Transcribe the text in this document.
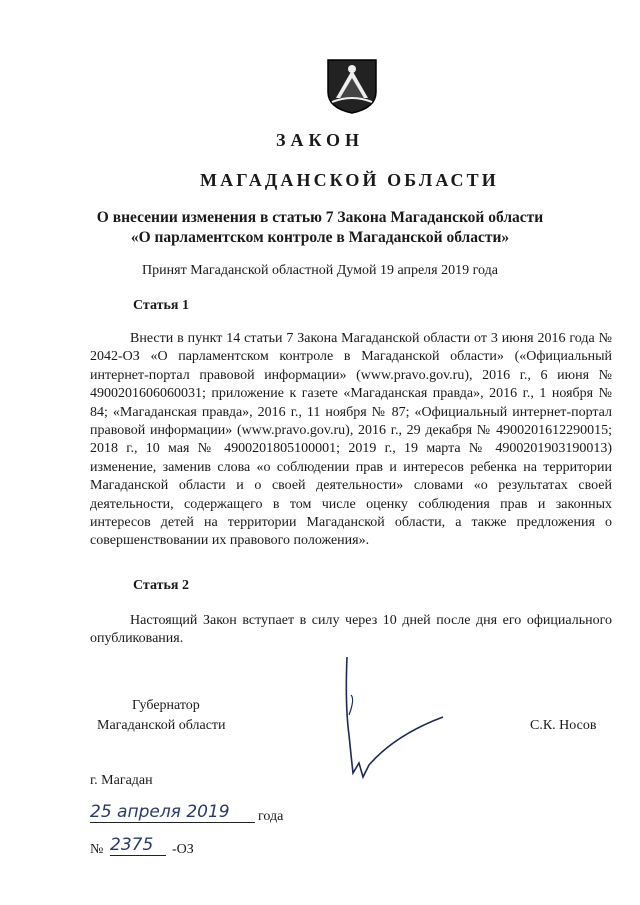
ЗАКОН
МАГАДАНСКОЙ ОБЛАСТИ
О внесении изменения в статью 7 Закона Магаданской области
«О парламентском контроле в Магаданской области»
Принят Магаданской областной Думой 19 апреля 2019 года
Статья 1
Внести в пункт 14 статьи 7 Закона Магаданской области от 3 июня 2016 года № 2042-ОЗ «О парламентском контроле в Магаданской области» («Официальный интернет-портал правовой информации» (www.pravo.gov.ru), 2016 г., 6 июня № 4900201606060031; приложение к газете «Магаданская правда», 2016 г., 1 ноября № 84; «Магаданская правда», 2016 г., 11 ноября № 87; «Официальный интернет-портал правовой информации» (www.pravo.gov.ru), 2016 г., 29 декабря № 4900201612290015; 2018 г., 10 мая № 4900201805100001; 2019 г., 19 марта № 4900201903190013) изменение, заменив слова «о соблюдении прав и интересов ребенка на территории Магаданской области и о своей деятельности» словами «о результатах своей деятельности, содержащего в том числе оценку соблюдения прав и законных интересов детей на территории Магаданской области, а также предложения о совершенствовании их правового положения».
Статья 2
Настоящий Закон вступает в силу через 10 дней после дня его официального опубликования.
Губернатор
Магаданской области	С.К. Носов
г. Магадан
25 апреля 2019	года
№ 2375	-ОЗ
